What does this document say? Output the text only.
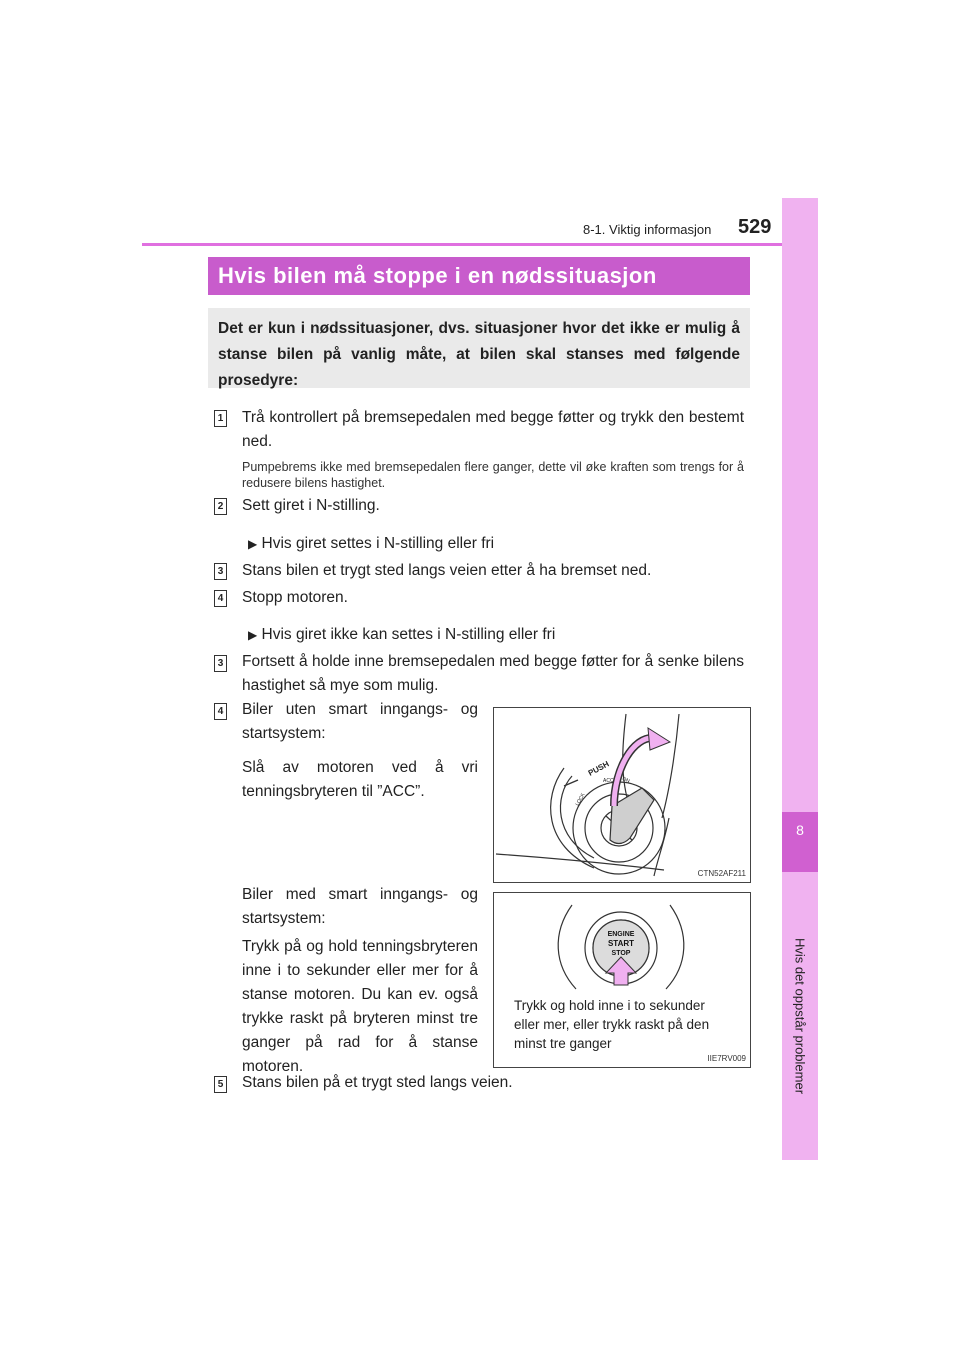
8
Hvis det oppstår problemer
8-1. Viktig informasjon 529
Hvis bilen må stoppe i en nødssituasjon

Det er kun i nødssituasjoner, dvs. situasjoner hvor det ikke er mulig å stanse bilen på vanlig måte, at bilen skal stanses med følgende prosedyre:

1 Trå kontrollert på bremsepedalen med begge føtter og trykk den bestemt ned.
Pumpebrems ikke med bremsepedalen flere ganger, dette vil øke kraften som trengs for å redusere bilens hastighet.
2 Sett giret i N-stilling.
▶ Hvis giret settes i N-stilling eller fri
3 Stans bilen et trygt sted langs veien etter å ha bremset ned.
4 Stopp motoren.
▶ Hvis giret ikke kan settes i N-stilling eller fri
3 Fortsett å holde inne bremsepedalen med begge føtter for å senke bilens hastighet så mye som mulig.
4 Biler uten smart inngangs- og startsystem:
Slå av motoren ved å vri tenningsbryteren til ”ACC”.
Biler med smart inngangs- og startsystem:
Trykk på og hold tenningsbryteren inne i to sekunder eller mer for å stanse motoren. Du kan ev. også trykke raskt på bryteren minst tre ganger på rad for å stanse motoren.
PUSH
LOCK
ACC ON
CTN52AF211
ENGINE
START
STOP
Trykk og hold inne i to sekunder eller mer, eller trykk raskt på den minst tre ganger
IIE7RV009
5 Stans bilen på et trygt sted langs veien.
